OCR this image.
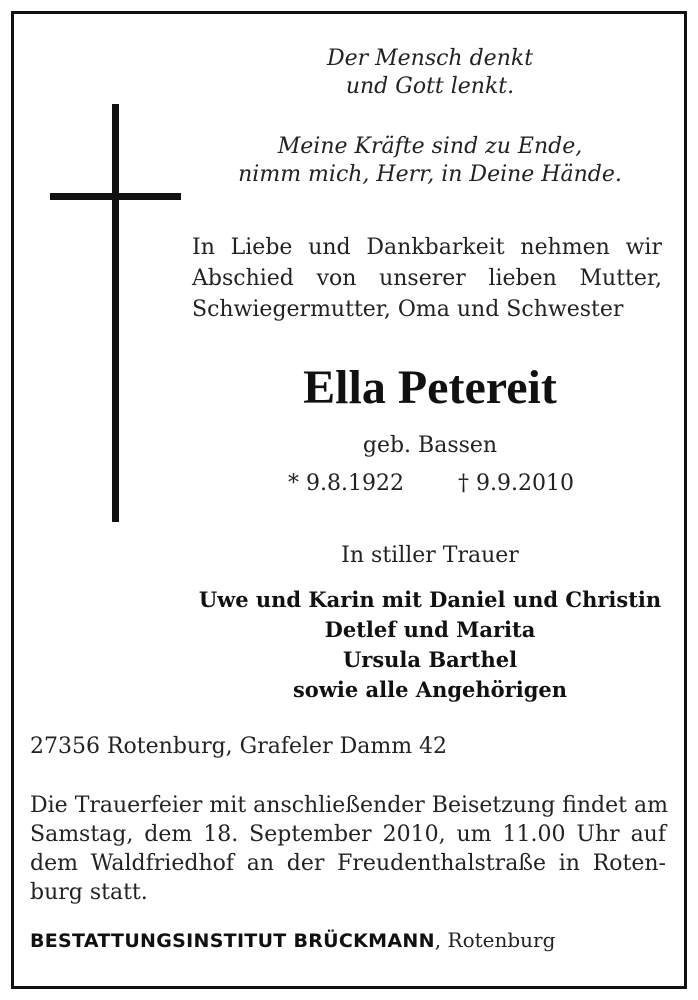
Der Mensch denkt
und Gott lenkt.
Meine Kräfte sind zu Ende,
nimm mich, Herr, in Deine Hände.
In Liebe und Dankbarkeit nehmen wir
Abschied von unserer lieben Mutter,
Schwiegermutter, Oma und Schwester
Ella Petereit
geb. Bassen
* 9.8.1922 † 9.9.2010
In stiller Trauer
Uwe und Karin mit Daniel und Christin
Detlef und Marita
Ursula Barthel
sowie alle Angehörigen
27356 Rotenburg, Grafeler Damm 42
Die Trauerfeier mit anschließender Beisetzung findet am
Samstag, dem 18. September 2010, um 11.00 Uhr auf
dem Waldfriedhof an der Freudenthalstraße in Roten-
burg statt.
BESTATTUNGSINSTITUT BRÜCKMANN, Rotenburg
